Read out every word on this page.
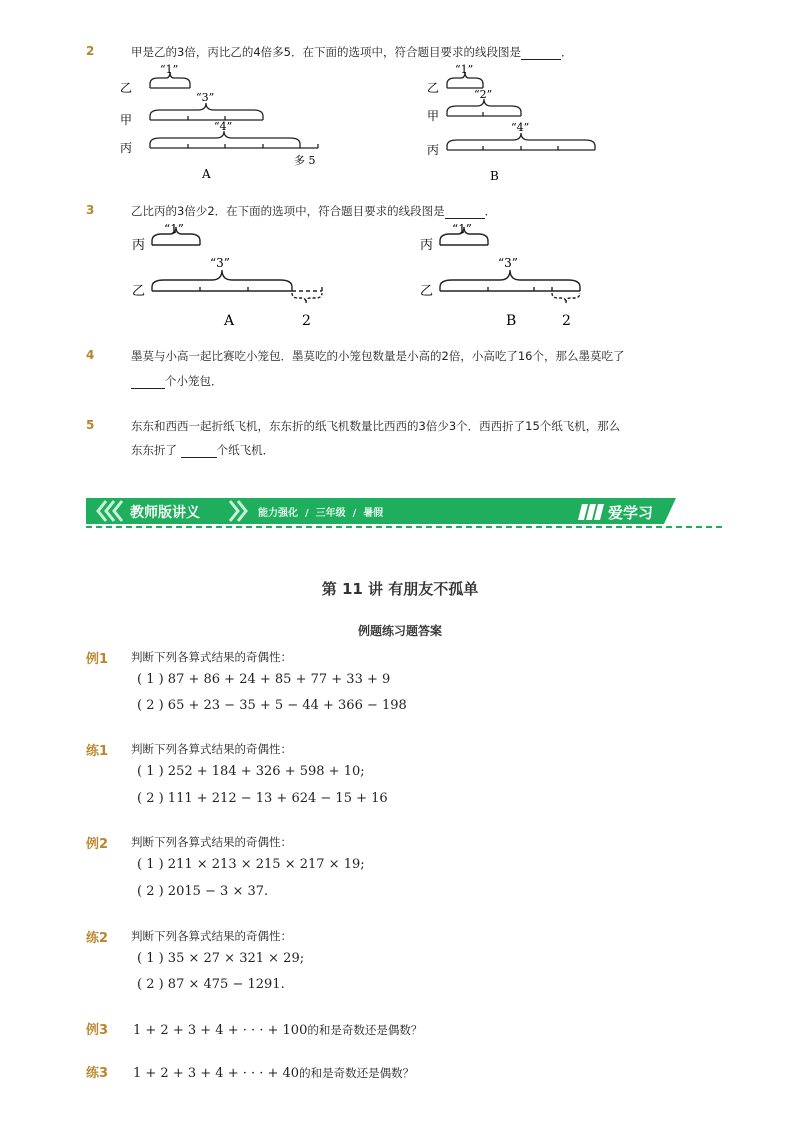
2	甲是乙的3倍，丙比乙的4倍多5．在下面的选项中，符合题目要求的线段图是	．
乙
甲
丙
“1”
“3”
“4”
多 5
A
乙
甲
丙
“1”
“2”
“4”
B
3	乙比丙的3倍少2．在下面的选项中，符合题目要求的线段图是	．
丙
乙
“1”
“3”
2
A
丙
乙
“1”
“3”
2
B
4	墨莫与小高一起比赛吃小笼包．墨莫吃的小笼包数量是小高的2倍，小高吃了16个，那么墨莫吃了
个小笼包．
5	东东和西西一起折纸飞机，东东折的纸飞机数量比西西的3倍少3个．西西折了15个纸飞机，那么
东东折了	个纸飞机．
教师版讲义	能力强化 / 三年级 / 暑假	爱学习
第 11 讲 有朋友不孤单
例题练习题答案
例1 判断下列各算式结果的奇偶性：
( 1 ) 87 + 86 + 24 + 85 + 77 + 33 + 9
( 2 ) 65 + 23 − 35 + 5 − 44 + 366 − 198
练1 判断下列各算式结果的奇偶性：
( 1 ) 252 + 184 + 326 + 598 + 10;
( 2 ) 111 + 212 − 13 + 624 − 15 + 16
例2 判断下列各算式结果的奇偶性：
( 1 ) 211 × 213 × 215 × 217 × 19;
( 2 ) 2015 − 3 × 37.
练2 判断下列各算式结果的奇偶性：
( 1 ) 35 × 27 × 321 × 29;
( 2 ) 87 × 475 − 1291.
例3 1 + 2 + 3 + 4 + · · · + 100的和是奇数还是偶数？
练3 1 + 2 + 3 + 4 + · · · + 40的和是奇数还是偶数？
